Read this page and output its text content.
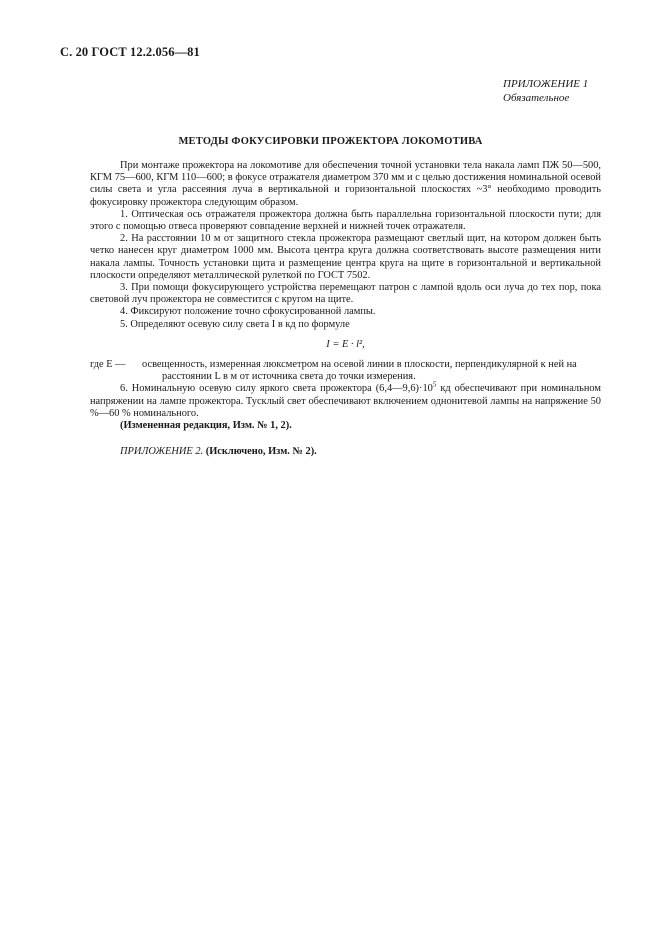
С. 20 ГОСТ 12.2.056—81
ПРИЛОЖЕНИЕ 1
Обязательное
МЕТОДЫ ФОКУСИРОВКИ ПРОЖЕКТОРА ЛОКОМОТИВА

При монтаже прожектора на локомотиве для обеспечения точной установки тела накала ламп ПЖ 50—500, КГМ 75—600, КГМ 110—600; в фокусе отражателя диаметром 370 мм и с целью достижения номинальной осевой силы света и угла рассеяния луча в вертикальной и горизонтальной плоскостях ~3° необходимо проводить фокусировку прожектора следующим образом.

1. Оптическая ось отражателя прожектора должна быть параллельна горизонтальной плоскости пути; для этого с помощью отвеса проверяют совпадение верхней и нижней точек отражателя.

2. На расстоянии 10 м от защитного стекла прожектора размещают светлый щит, на котором должен быть четко нанесен круг диаметром 1000 мм. Высота центра круга должна соответствовать высоте размещения нити накала лампы. Точность установки щита и размещение центра круга на щите в горизонтальной и вертикальной плоскости определяют металлической рулеткой по ГОСТ 7502.

3. При помощи фокусирующего устройства перемещают патрон с лампой вдоль оси луча до тех пор, пока световой луч прожектора не совместится с кругом на щите.

4. Фиксируют положение точно сфокусированной лампы.

5. Определяют осевую силу света I в кд по формуле

I = E · l²,
где E —	освещенность, измеренная люксметром на осевой линии в плоскости, перпендикулярной к ней на
расстоянии L в м от источника света до точки измерения.

6. Номинальную осевую силу яркого света прожектора $(6,4—9,6)\cdot 10^5$ кд обеспечивают при номинальном напряжении на лампе прожектора. Тусклый свет обеспечивают включением однонитевой лампы на напряжение 50 %—60 % номинального.

(Измененная редакция, Изм. № 1, 2).

ПРИЛОЖЕНИЕ 2. (Исключено, Изм. № 2).
